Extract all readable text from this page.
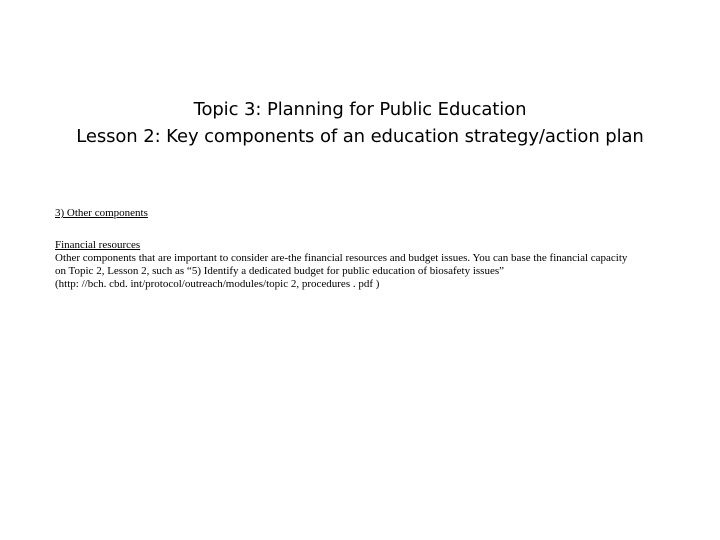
Topic 3: Planning for Public Education
Lesson 2: Key components of an education strategy/action plan
3) Other components
Financial resources
Other components that are important to consider are-the financial resources and budget issues. You can base the financial capacity
on Topic 2, Lesson 2, such as “5) Identify a dedicated budget for public education of biosafety issues”
(http: //bch. cbd. int/protocol/outreach/modules/topic 2, procedures . pdf )
